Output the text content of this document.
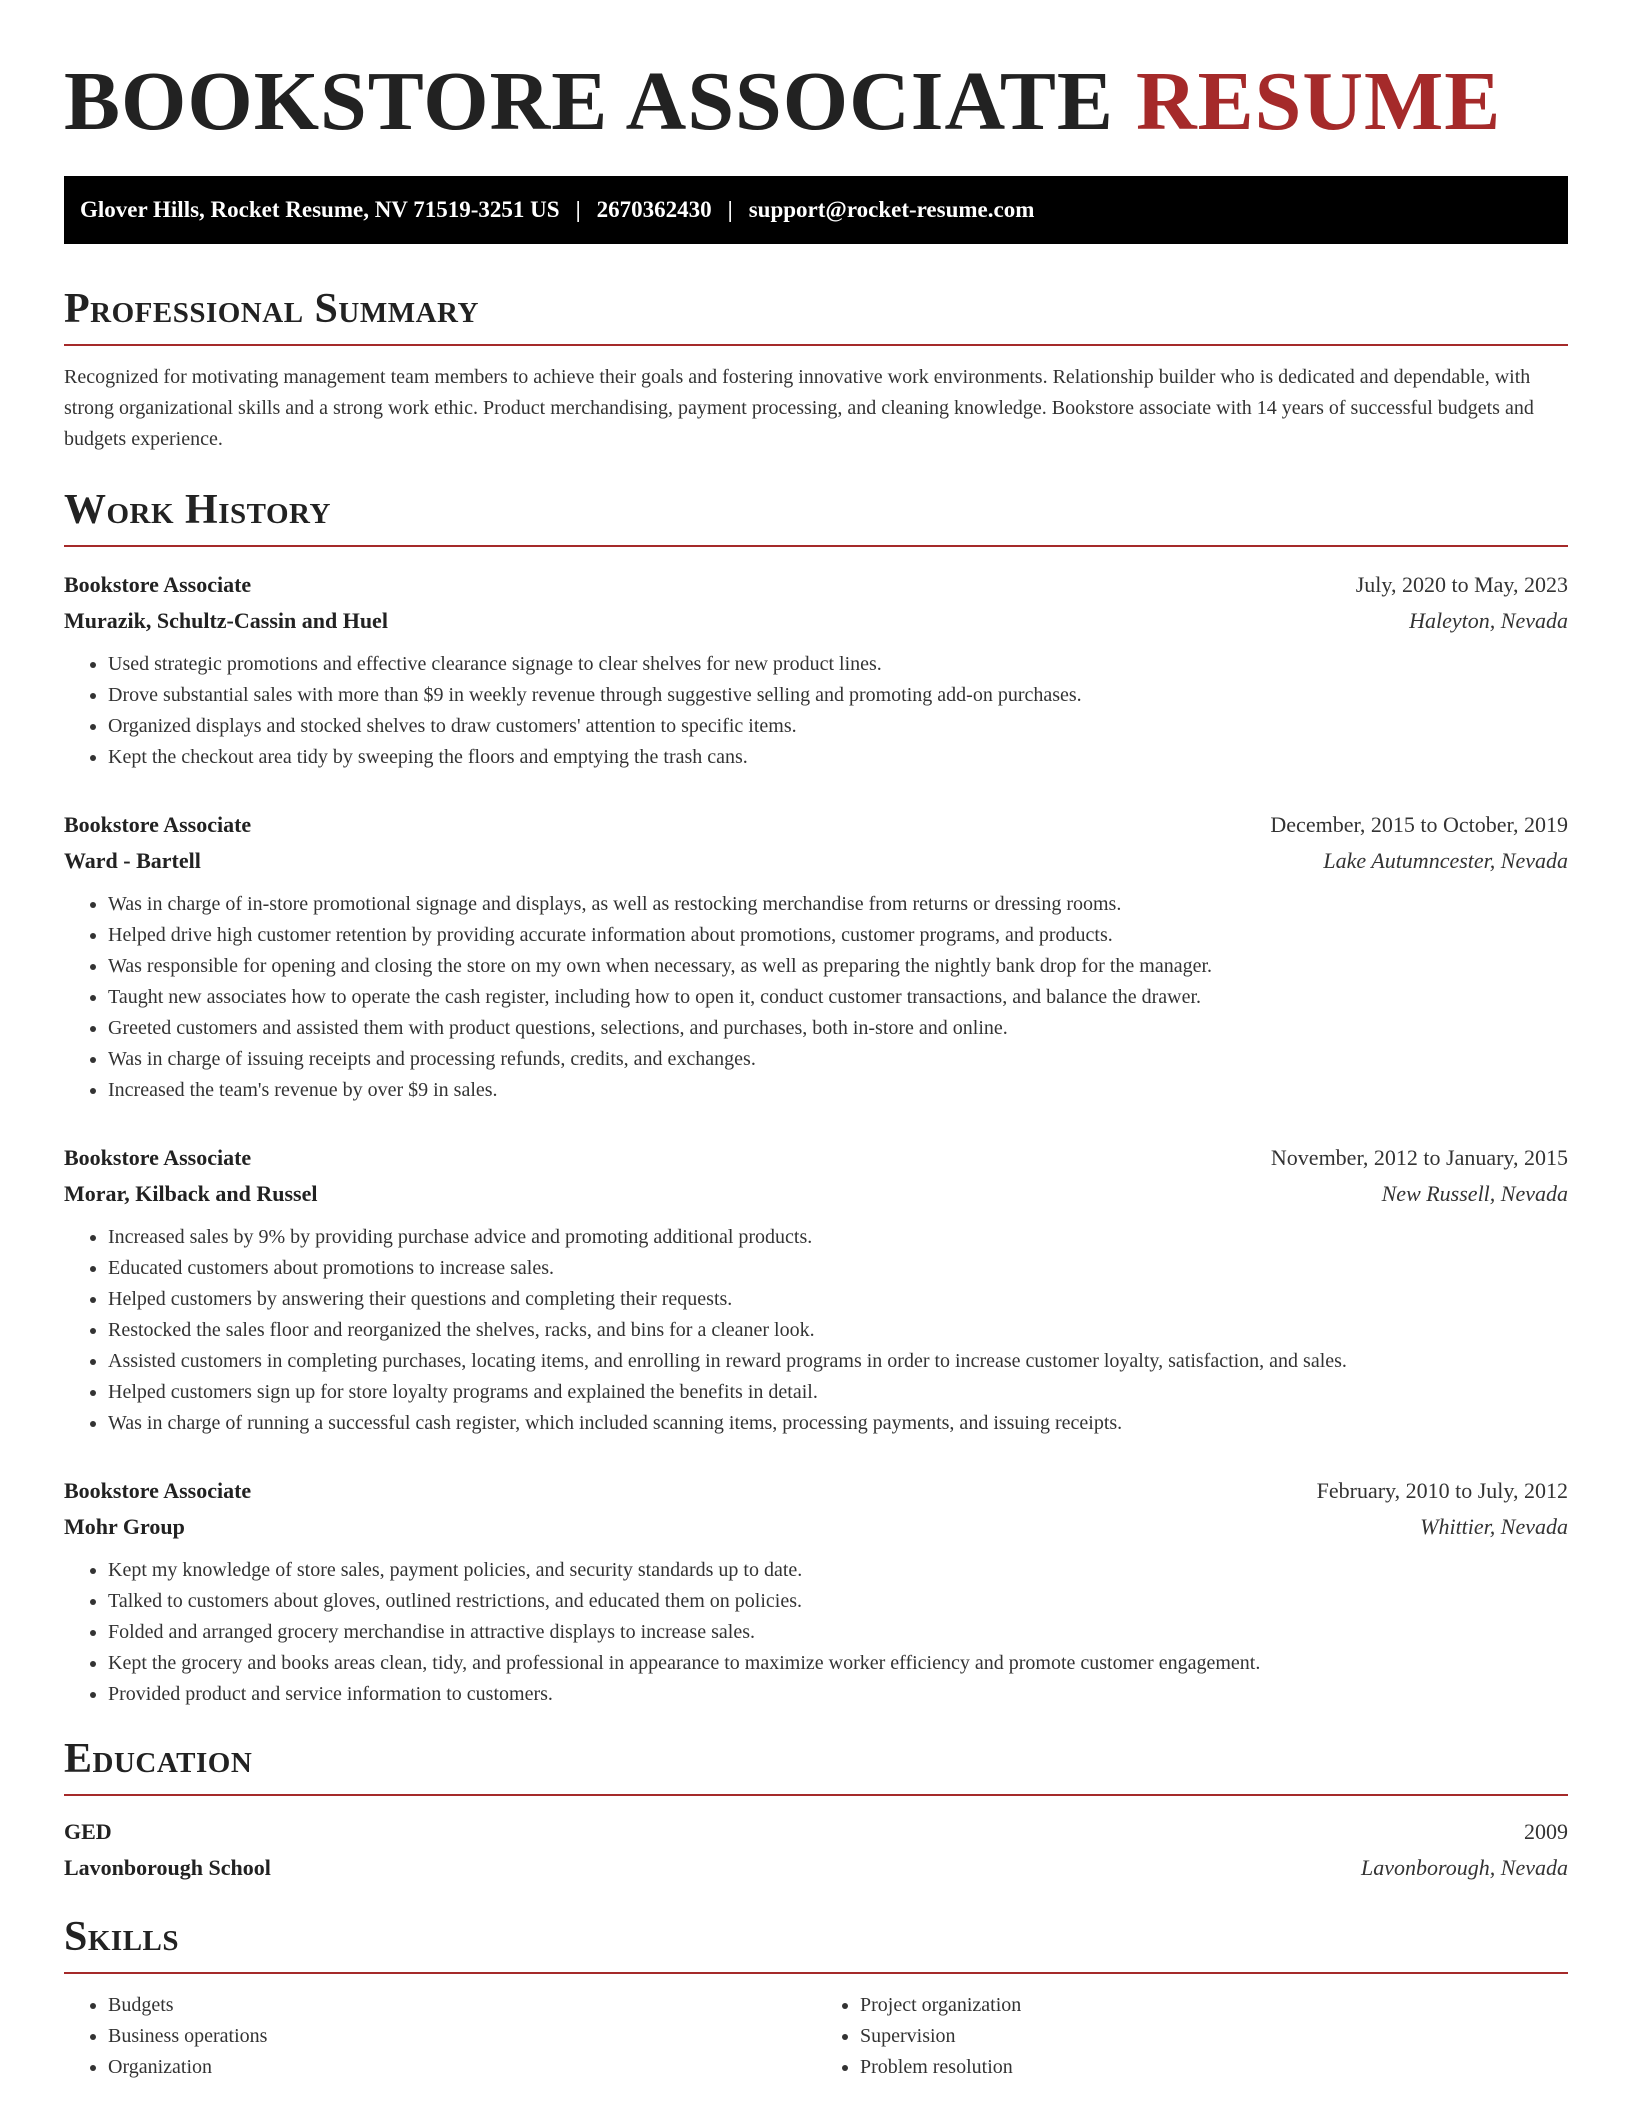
BOOKSTORE ASSOCIATE RESUME
Glover Hills, Rocket Resume, NV 71519-3251 US | 2670362430 | support@rocket-resume.com
Professional Summary

Recognized for motivating management team members to achieve their goals and fostering innovative work environments. Relationship builder who is dedicated and dependable, with strong organizational skills and a strong work ethic. Product merchandising, payment processing, and cleaning knowledge. Bookstore associate with 14 years of successful budgets and budgets experience.

Work History
Bookstore Associate	July, 2020 to May, 2023
Murazik, Schultz-Cassin and Huel	Haleyton, Nevada
• Used strategic promotions and effective clearance signage to clear shelves for new product lines.
• Drove substantial sales with more than $9 in weekly revenue through suggestive selling and promoting add-on purchases.
• Organized displays and stocked shelves to draw customers' attention to specific items.
• Kept the checkout area tidy by sweeping the floors and emptying the trash cans.
Bookstore Associate	December, 2015 to October, 2019
Ward - Bartell	Lake Autumncester, Nevada
• Was in charge of in-store promotional signage and displays, as well as restocking merchandise from returns or dressing rooms.
• Helped drive high customer retention by providing accurate information about promotions, customer programs, and products.
• Was responsible for opening and closing the store on my own when necessary, as well as preparing the nightly bank drop for the manager.
• Taught new associates how to operate the cash register, including how to open it, conduct customer transactions, and balance the drawer.
• Greeted customers and assisted them with product questions, selections, and purchases, both in-store and online.
• Was in charge of issuing receipts and processing refunds, credits, and exchanges.
• Increased the team's revenue by over $9 in sales.
Bookstore Associate	November, 2012 to January, 2015
Morar, Kilback and Russel	New Russell, Nevada
• Increased sales by 9% by providing purchase advice and promoting additional products.
• Educated customers about promotions to increase sales.
• Helped customers by answering their questions and completing their requests.
• Restocked the sales floor and reorganized the shelves, racks, and bins for a cleaner look.
• Assisted customers in completing purchases, locating items, and enrolling in reward programs in order to increase customer loyalty, satisfaction, and sales.
• Helped customers sign up for store loyalty programs and explained the benefits in detail.
• Was in charge of running a successful cash register, which included scanning items, processing payments, and issuing receipts.
Bookstore Associate	February, 2010 to July, 2012
Mohr Group	Whittier, Nevada
• Kept my knowledge of store sales, payment policies, and security standards up to date.
• Talked to customers about gloves, outlined restrictions, and educated them on policies.
• Folded and arranged grocery merchandise in attractive displays to increase sales.
• Kept the grocery and books areas clean, tidy, and professional in appearance to maximize worker efficiency and promote customer engagement.
• Provided product and service information to customers.
Education
GED	2009
Lavonborough School	Lavonborough, Nevada
Skills
• Budgets
• Business operations
• Organization
• Project organization
• Supervision
• Problem resolution
